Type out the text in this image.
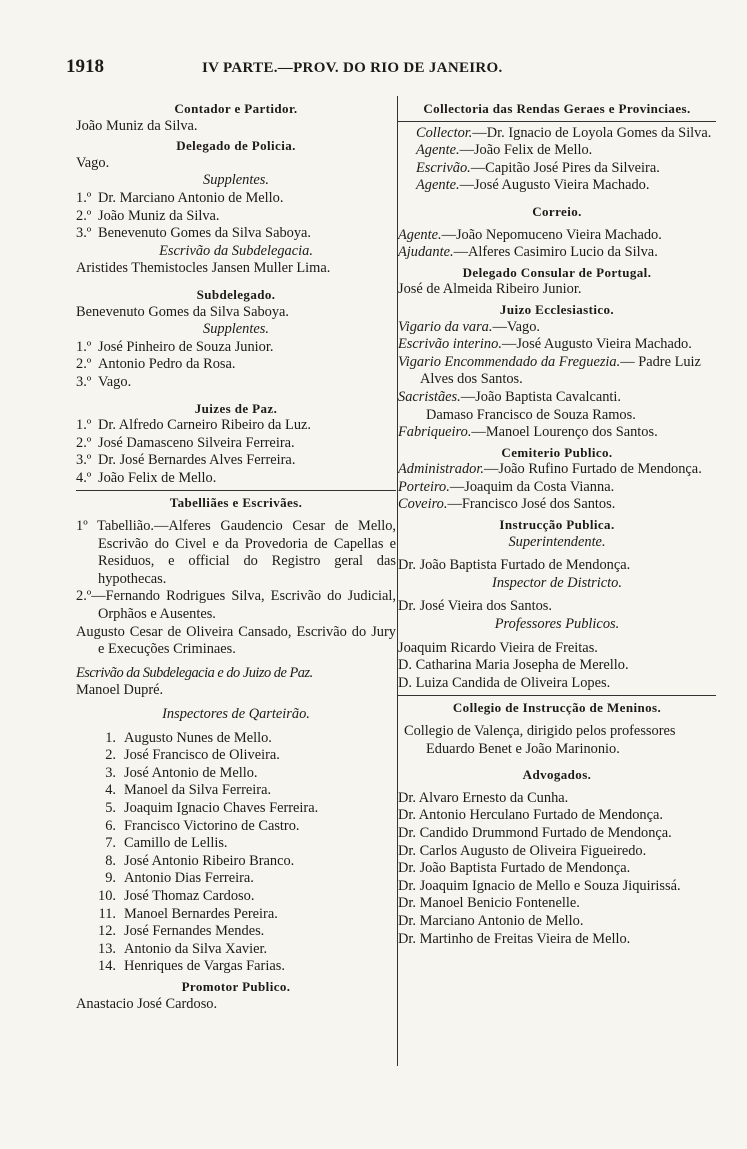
1918	IV PARTE.—PROV. DO RIO DE JANEIRO.
Contador e Partidor.
João Muniz da Silva.
Delegado de Policia.
Vago.
Supplentes.
1.º Dr. Marciano Antonio de Mello.
2.º João Muniz da Silva.
3.º Benevenuto Gomes da Silva Saboya.
Escrivão da Subdelegacia.
Aristides Themistocles Jansen Muller Lima.
Subdelegado.
Benevenuto Gomes da Silva Saboya.
Supplentes.
1.º José Pinheiro de Souza Junior.
2.º Antonio Pedro da Rosa.
3.º Vago.
Juizes de Paz.
1.º Dr. Alfredo Carneiro Ribeiro da Luz.
2.º José Damasceno Silveira Ferreira.
3.º Dr. José Bernardes Alves Ferreira.
4.º João Felix de Mello.
Tabelliães e Escrivães.
1º Tabellião.—Alferes Gaudencio Cesar de Mello, Escrivão do Civel e da Provedoria de Capellas e Residuos, e official do Registro geral das hypothecas.
2.º—Fernando Rodrigues Silva, Escrivão do Judicial, Orphãos e Ausentes.
Augusto Cesar de Oliveira Cansado, Escrivão do Jury e Execuções Criminaes.
Escrivão da Subdelegacia e do Juizo de Paz.
Manoel Dupré.
Inspectores de Qarteirão.
1. Augusto Nunes de Mello.
2. José Francisco de Oliveira.
3. José Antonio de Mello.
4. Manoel da Silva Ferreira.
5. Joaquim Ignacio Chaves Ferreira.
6. Francisco Victorino de Castro.
7. Camillo de Lellis.
8. José Antonio Ribeiro Branco.
9. Antonio Dias Ferreira.
10. José Thomaz Cardoso.
11. Manoel Bernardes Pereira.
12. José Fernandes Mendes.
13. Antonio da Silva Xavier.
14. Henriques de Vargas Farias.
Promotor Publico.
Anastacio José Cardoso.
Collectoria das Rendas Geraes e Provinciaes.
Collector.—Dr. Ignacio de Loyola Gomes da Silva.
Agente.—João Felix de Mello.
Escrivão.—Capitão José Pires da Silveira.
Agente.—José Augusto Vieira Machado.
Correio.
Agente.—João Nepomuceno Vieira Machado.
Ajudante.—Alferes Casimiro Lucio da Silva.
Delegado Consular de Portugal.
José de Almeida Ribeiro Junior.
Juizo Ecclesiastico.
Vigario da vara.—Vago.
Escrivão interino.—José Augusto Vieira Machado.
Vigario Encommendado da Freguezia.— Padre Luiz Alves dos Santos.
Sacristães.—João Baptista Cavalcanti.
Damaso Francisco de Souza Ramos.
Fabriqueiro.—Manoel Lourenço dos Santos.
Cemiterio Publico.
Administrador.—João Rufino Furtado de Mendonça.
Porteiro.—Joaquim da Costa Vianna.
Coveiro.—Francisco José dos Santos.
Instrucção Publica.
Superintendente.
Dr. João Baptista Furtado de Mendonça.
Inspector de Districto.
Dr. José Vieira dos Santos.
Professores Publicos.
Joaquim Ricardo Vieira de Freitas.
D. Catharina Maria Josepha de Merello.
D. Luiza Candida de Oliveira Lopes.
Collegio de Instrucção de Meninos.
Collegio de Valença, dirigido pelos professores Eduardo Benet e João Marinonio.
Advogados.
Dr. Alvaro Ernesto da Cunha.
Dr. Antonio Herculano Furtado de Mendonça.
Dr. Candido Drummond Furtado de Mendonça.
Dr. Carlos Augusto de Oliveira Figueiredo.
Dr. João Baptista Furtado de Mendonça.
Dr. Joaquim Ignacio de Mello e Souza Jiquirissá.
Dr. Manoel Benicio Fontenelle.
Dr. Marciano Antonio de Mello.
Dr. Martinho de Freitas Vieira de Mello.
